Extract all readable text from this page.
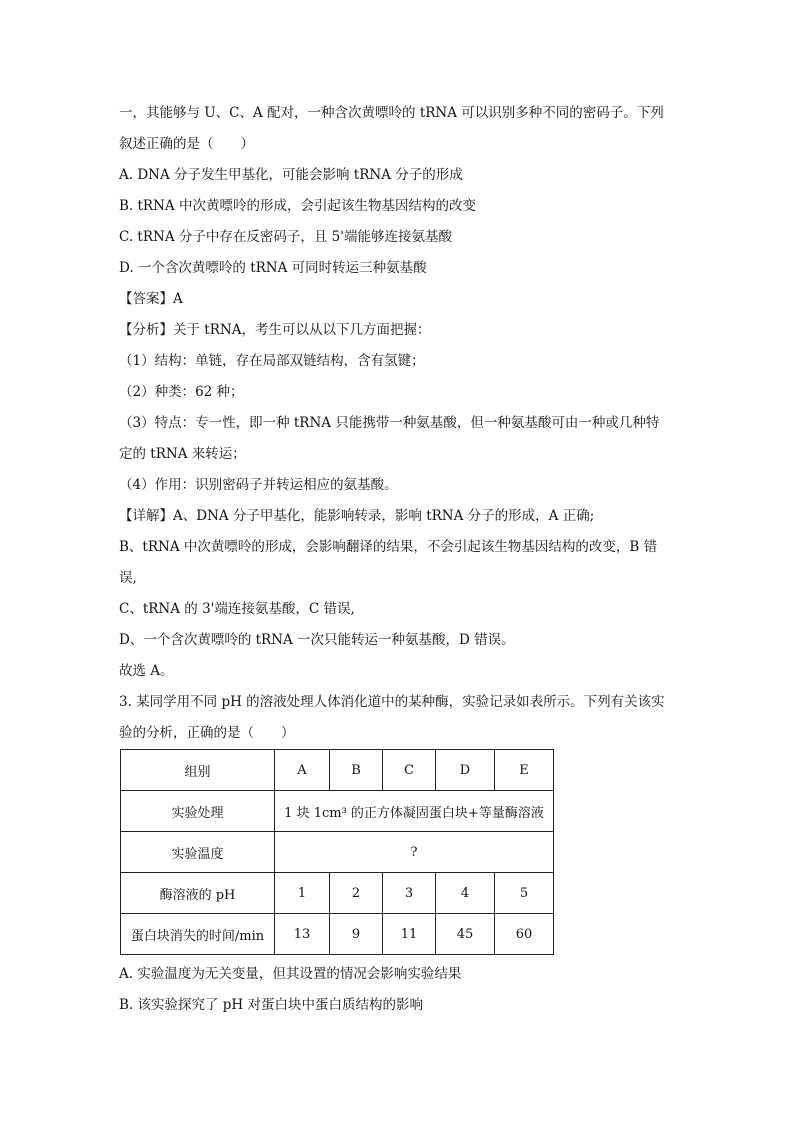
一，其能够与 U、C、A 配对，一种含次黄嘌呤的 tRNA 可以识别多种不同的密码子。下列
叙述正确的是（　　）
A. DNA 分子发生甲基化，可能会影响 tRNA 分子的形成
B. tRNA 中次黄嘌呤的形成，会引起该生物基因结构的改变
C. tRNA 分子中存在反密码子，且 5'端能够连接氨基酸
D. 一个含次黄嘌呤的 tRNA 可同时转运三种氨基酸
【答案】A
【分析】关于 tRNA，考生可以从以下几方面把握：
（1）结构：单链，存在局部双链结构，含有氢键；
（2）种类：62 种；
（3）特点：专一性，即一种 tRNA 只能携带一种氨基酸，但一种氨基酸可由一种或几种特
定的 tRNA 来转运；
（4）作用：识别密码子并转运相应的氨基酸。
【详解】A、DNA 分子甲基化，能影响转录，影响 tRNA 分子的形成，A 正确;
B、tRNA 中次黄嘌呤的形成，会影响翻译的结果，不会引起该生物基因结构的改变，B 错
误,
C、tRNA 的 3'端连接氨基酸，C 错误,
D、一个含次黄嘌呤的 tRNA 一次只能转运一种氨基酸，D 错误。
故选 A。
3. 某同学用不同 pH 的溶液处理人体消化道中的某种酶，实验记录如表所示。下列有关该实
验的分析，正确的是（　　）
组别	A	B	C	D	E
实验处理	1 块 1cm³ 的正方体凝固蛋白块+等量酶溶液				
实验温度	?				
酶溶液的 pH	1	2	3	4	5
蛋白块消失的时间/min	13	9	11	45	60
A. 实验温度为无关变量，但其设置的情况会影响实验结果
B. 该实验探究了 pH 对蛋白块中蛋白质结构的影响
